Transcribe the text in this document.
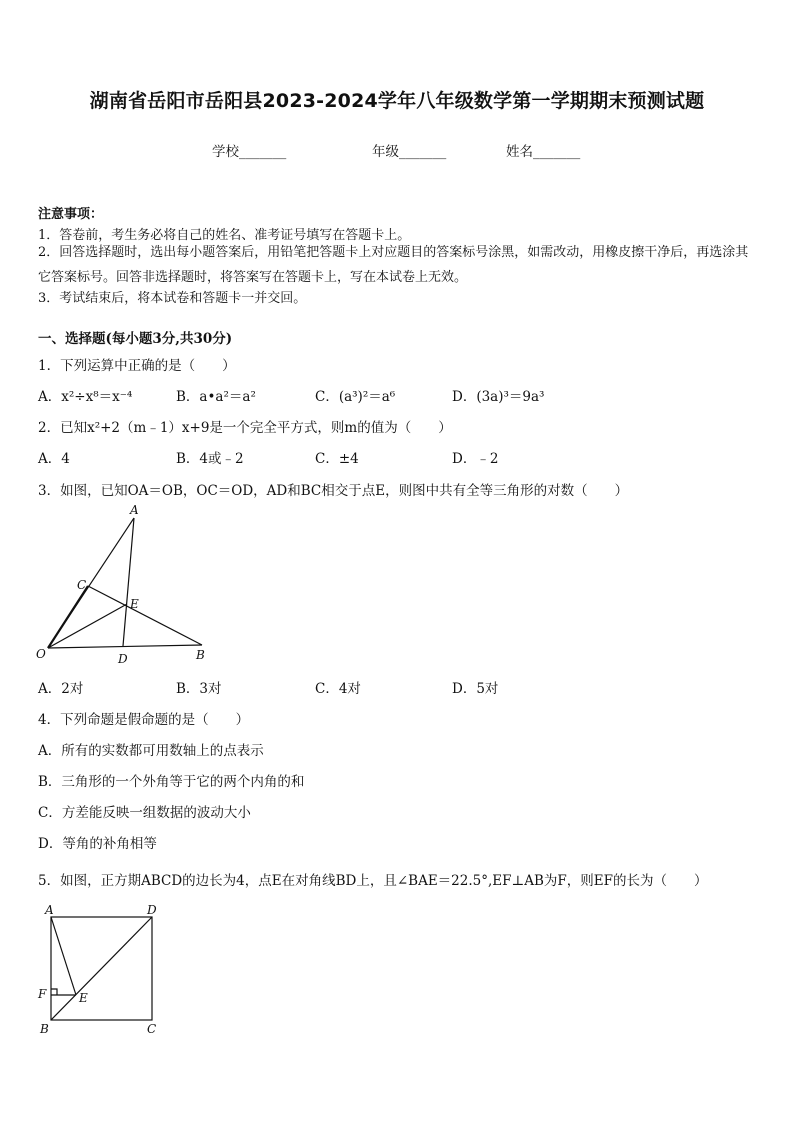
湖南省岳阳市岳阳县2023-2024学年八年级数学第一学期期末预测试题
学校_______	年级_______	姓名_______
注意事项：
1．答卷前，考生务必将自己的姓名、准考证号填写在答题卡上。
2．回答选择题时，选出每小题答案后，用铅笔把答题卡上对应题目的答案标号涂黑，如需改动，用橡皮擦干净后，再选涂其它答案标号。回答非选择题时，将答案写在答题卡上，写在本试卷上无效。
3．考试结束后，将本试卷和答题卡一并交回。
一、选择题(每小题3分,共30分)
1．下列运算中正确的是（　　）
A．x²÷x⁸＝x⁻⁴	B．a•a²＝a²	C．(a³)²＝a⁶	D．(3a)³＝9a³
2．已知x²+2（m﹣1）x+9是一个完全平方式，则m的值为（　　）
A．4	B．4或﹣2	C．±4	D．﹣2
3．如图，已知OA＝OB，OC＝OD，AD和BC相交于点E，则图中共有全等三角形的对数（　　）
A
C
E
O	D	B
A．2对	B．3对	C．4对	D．5对
4．下列命题是假命题的是（　　）
A．所有的实数都可用数轴上的点表示
B．三角形的一个外角等于它的两个内角的和
C．方差能反映一组数据的波动大小
D．等角的补角相等
5．如图，正方期ABCD的边长为4，点E在对角线BD上，且∠BAE＝22.5°,EF⊥AB为F，则EF的长为（　　）
A	D
F	E
B	C
